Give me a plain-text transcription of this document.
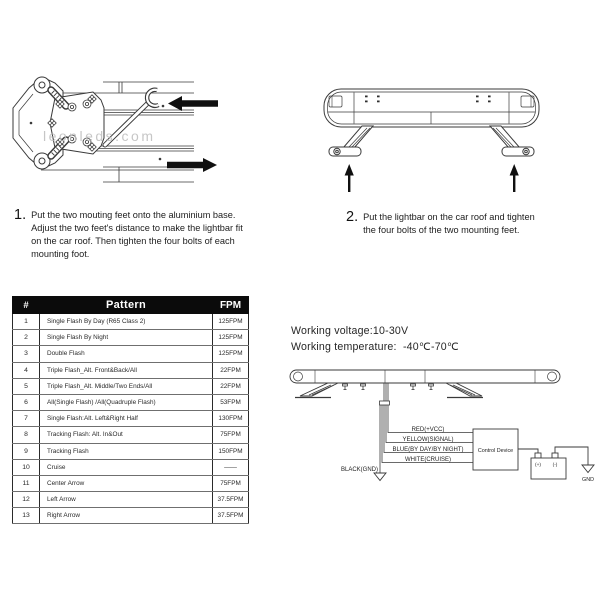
leonleds.com
1. Put the two mouting feet onto the aluminium base. Adjust the two feet's distance to make the lightbar fit on the car roof. Then tighten the four bolts of each mounting foot.

2. Put the lightbar on the car roof and tighten the four bolts of the two mounting feet.

#	Pattern	FPM
1	Single Flash By Day (R65 Class 2)	125FPM
2	Single Flash By Night	125FPM
3	Double Flash	125FPM
4	Triple Flash_Alt. Front&Back/All	22FPM
5	Triple Flash_Alt. Middle/Two Ends/All	22FPM
6	All(Single Flash) /All(Quadruple Flash)	53FPM
7	Single Flash:Alt. Left&Right Half	130FPM
8	Tracking Flash: Alt. In&Out	75FPM
9	Tracking Flash	150FPM
10	Cruise	——
11	Center Arrow	75FPM
12	Left Arrow	37.5FPM
13	Right Arrow	37.5FPM
Working voltage:10-30V
Working temperature:  -40℃-70℃
RED(+VCC)
YELLOW(SIGNAL)
BLUE(BY DAY/BY NIGHT)
WHITE(CRUISE)
BLACK(GND)
Control Device
(+) (-)
GND
